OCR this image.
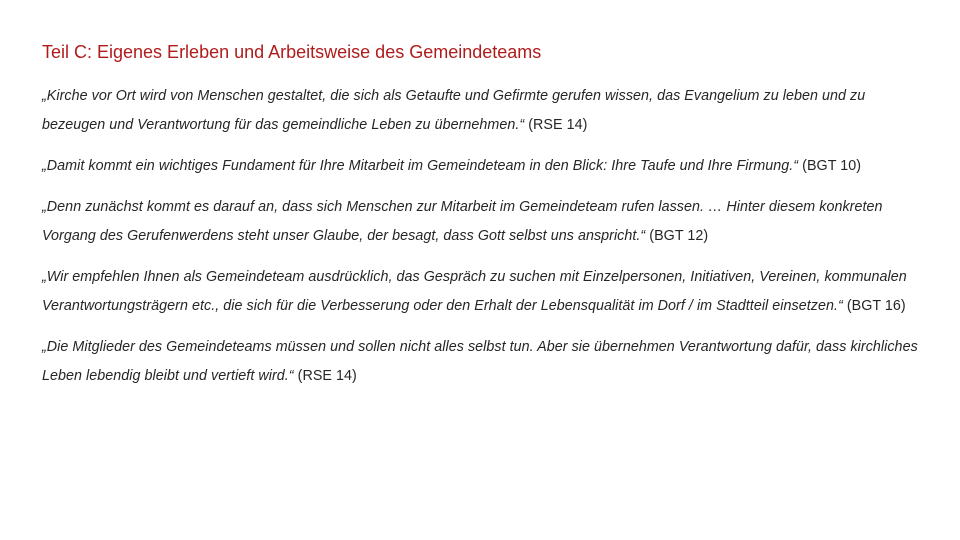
Teil C: Eigenes Erleben und Arbeitsweise des Gemeindeteams

„Kirche vor Ort wird von Menschen gestaltet, die sich als Getaufte und Gefirmte gerufen wissen, das Evangelium zu leben und zu bezeugen und Verantwortung für das gemeindliche Leben zu übernehmen.“ (RSE 14)

„Damit kommt ein wichtiges Fundament für Ihre Mitarbeit im Gemeindeteam in den Blick: Ihre Taufe und Ihre Firmung.“ (BGT 10)

„Denn zunächst kommt es darauf an, dass sich Menschen zur Mitarbeit im Gemeindeteam rufen lassen. … Hinter diesem konkreten Vorgang des Gerufenwerdens steht unser Glaube, der besagt, dass Gott selbst uns anspricht.“ (BGT 12)

„Wir empfehlen Ihnen als Gemeindeteam ausdrücklich, das Gespräch zu suchen mit Einzelpersonen, Initiativen, Vereinen, kommunalen Verantwortungsträgern etc., die sich für die Verbesserung oder den Erhalt der Lebensqualität im Dorf / im Stadtteil einsetzen.“ (BGT 16)

„Die Mitglieder des Gemeindeteams müssen und sollen nicht alles selbst tun. Aber sie übernehmen Verantwortung dafür, dass kirchliches Leben lebendig bleibt und vertieft wird.“ (RSE 14)
